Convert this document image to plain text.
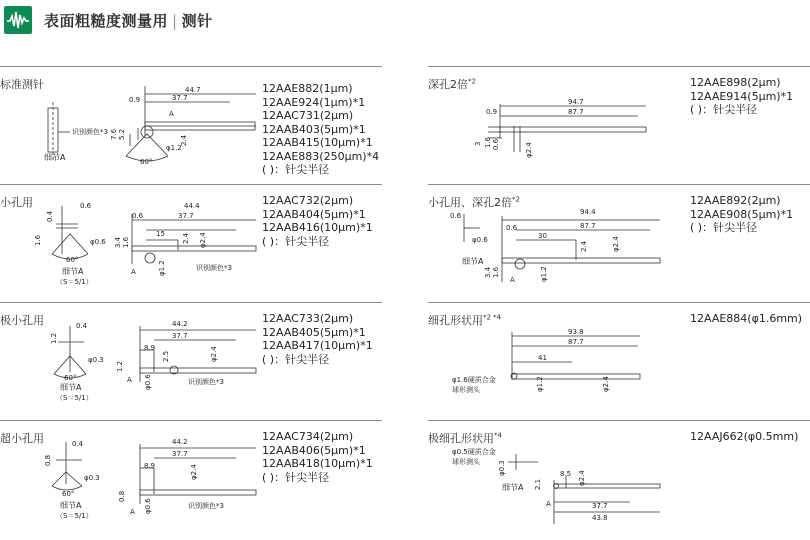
表面粗糙度测量用 | 测针
标准测针	44.7
37.7
0.9
2.4
φ1.2
60°
7.6 5.2
A
识别颜色*3
细节A
12AAE882(1μm)
12AAE924(1μm)*1
12AAC731(2μm)
12AAB403(5μm)*1
12AAB415(10μm)*1
12AAE883(250μm)*4
( )：针尖半径
深孔2倍$^{*2}$
94.7
87.7
0.9
φ2.4
3 1.6 0.6
12AAE898(2μm)
12AAE914(5μm)*1
( )：针尖半径
小孔用	0.6
0.4
1.6	φ0.6
60°
细节A
（S＝5/1）
44.4
37.7
0.6
15 2.4 φ2.4
3.4 1.6
φ1.2
A	识别颜色*3
12AAC732(2μm)
12AAB404(5μm)*1
12AAB416(10μm)*1
( )：针尖半径
小孔用、深孔2倍$^{*2}$
0.6
φ0.6
细节A
94.4
87.7
0.6
30
2.4	φ2.4
3.4 1.6	φ1.2
A
12AAE892(2μm)
12AAE908(5μm)*1
( )：针尖半径
极小孔用	0.4
1.2
φ0.3
60°
细节A
（S＝5/1）
44.2
37.7
8.9
2.5	φ2.4
1.2
φ0.6
A	识别颜色*3
12AAC733(2μm)
12AAB405(5μm)*1
12AAB417(10μm)*1
( )：针尖半径
细孔形状用$^{*2 *4}$
93.8
87.7
41
φ1.2	φ2.4
φ1.6硬质合金
球形测头
12AAE884(φ1.6mm)
超小孔用	0.4
0.8
φ0.3
60°
细节A
（S＝5/1）
44.2
37.7
8.9	φ2.4
0.8
φ0.6
A
识别颜色*3
12AAC734(2μm)
12AAB406(5μm)*1
12AAB418(10μm)*1
( )：针尖半径
极细孔形状用$^{*4}$
φ0.5硬质合金
球形测头	φ0.3
细节A
A
2.1
8.5 φ2.4
37.7
43.8
12AAJ662(φ0.5mm)
